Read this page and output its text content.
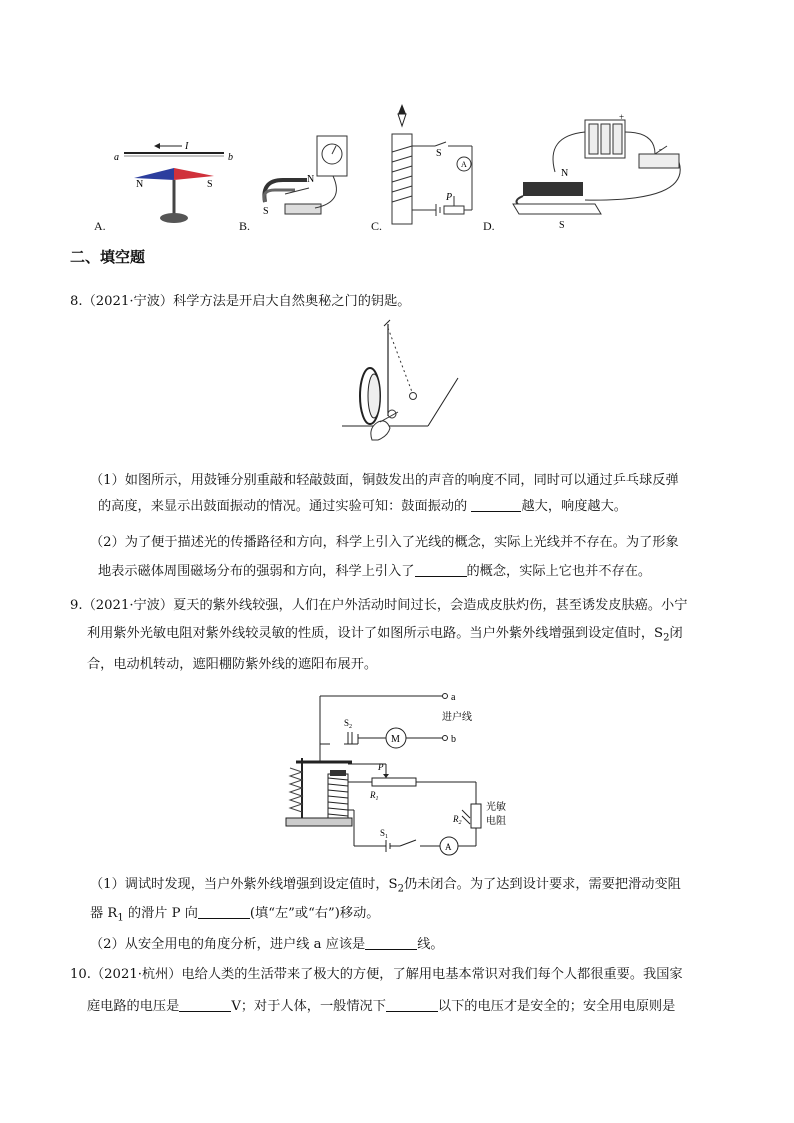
I
a	b
N	S	N
S
A
S
P
N
S
+
-
A.	B.	C.	D.
二、填空题
8.（2021·宁波）科学方法是开启大自然奥秘之门的钥匙。
（1）如图所示，用鼓锤分别重敲和轻敲鼓面，铜鼓发出的声音的响度不同，同时可以通过乒乓球反弹
的高度，来显示出鼓面振动的情况。通过实验可知：鼓面振动的	越大，响度越大。
（2）为了便于描述光的传播路径和方向，科学上引入了光线的概念，实际上光线并不存在。为了形象
地表示磁体周围磁场分布的强弱和方向，科学上引入了	的概念，实际上它也并不存在。
9.（2021·宁波）夏天的紫外线较强，人们在户外活动时间过长，会造成皮肤灼伤，甚至诱发皮肤癌。小宁
利用紫外光敏电阻对紫外线较灵敏的性质，设计了如图所示电路。当户外紫外线增强到设定值时，$S_2$闭
合，电动机转动，遮阳棚防紫外线的遮阳布展开。
$S_2$
M
a
b
进户线
P
$R_1$
$R_2$
光敏
电阻
$S_1$
A
（1）调试时发现，当户外紫外线增强到设定值时，$S_2$仍未闭合。为了达到设计要求，需要把滑动变阻
器 $R_1$ 的滑片 P 向	(填“左”或“右”)移动。
（2）从安全用电的角度分析，进户线 a 应该是	线。
10.（2021·杭州）电给人类的生活带来了极大的方便，了解用电基本常识对我们每个人都很重要。我国家
庭电路的电压是	V；对于人体，一般情况下	以下的电压才是安全的；安全用电原则是
